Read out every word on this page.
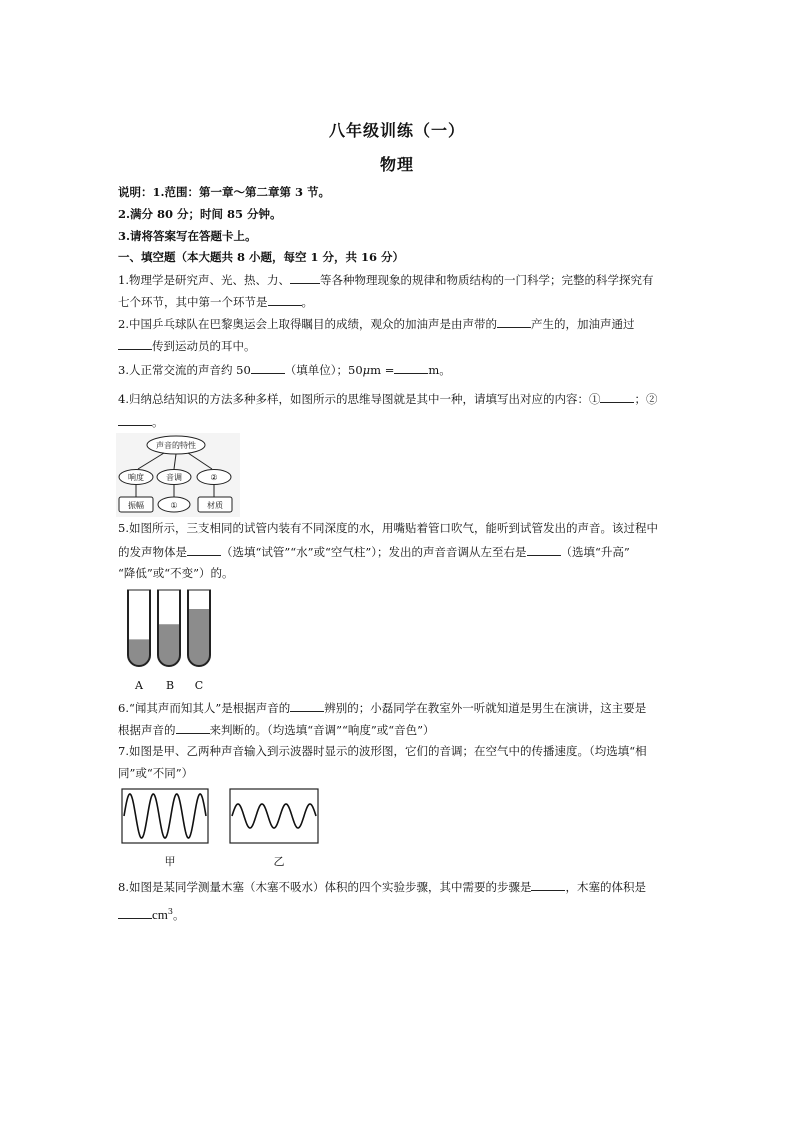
八年级训练（一）
物理
说明：1.范围：第一章～第二章第 3 节。
2.满分 80 分；时间 85 分钟。
3.请将答案写在答题卡上。
一、填空题（本大题共 8 小题，每空 1 分，共 16 分）
1.物理学是研究声、光、热、力、	等各种物理现象的规律和物质结构的一门科学；完整的科学探究有
七个环节，其中第一个环节是	。
2.中国乒乓球队在巴黎奥运会上取得瞩目的成绩，观众的加油声是由声带的	产生的，加油声通过
传到运动员的耳中。
3.人正常交流的声音约 50	（填单位）；50μm =	m。
4.归纳总结知识的方法多种多样，如图所示的思维导图就是其中一种，请填写出对应的内容：①	；②
。
声音的特性
响度	音调	②
振幅	①	材质
5.如图所示，三支相同的试管内装有不同深度的水，用嘴贴着管口吹气，能听到试管发出的声音。该过程中
的发声物体是	（选填“试管”“水”或“空气柱”）；发出的声音音调从左至右是	（选填“升高”
“降低”或“不变”）的。
A B C
6.“闻其声而知其人”是根据声音的	辨别的；小磊同学在教室外一听就知道是男生在演讲，这主要是
根据声音的	来判断的。（均选填“音调”“响度”或“音色”）
7.如图是甲、乙两种声音输入到示波器时显示的波形图，它们的音调；在空气中的传播速度。（均选填“相
同”或“不同”）
甲	乙
8.如图是某同学测量木塞（木塞不吸水）体积的四个实验步骤，其中需要的步骤是	，木塞的体积是
$cm^3$。
